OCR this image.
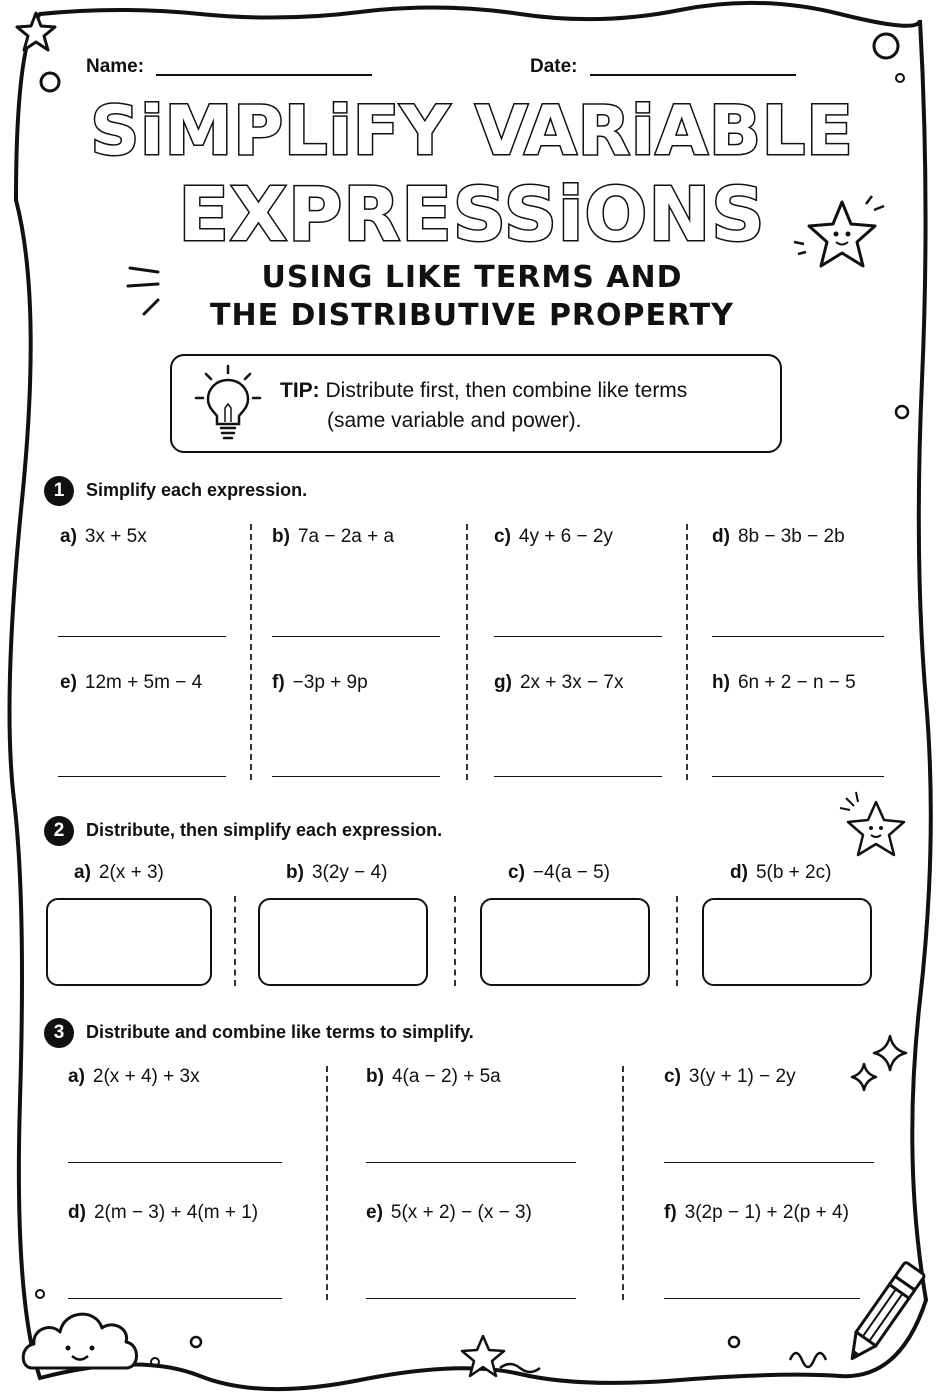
Name:	Date:
SiMPLiFY VARiABLE
EXPRESSiONS
USING LIKE TERMS AND
THE DISTRIBUTIVE PROPERTY
TIP: Distribute first, then combine like terms
(same variable and power).
1	Simplify each expression.
a) 3x + 5x	b) 7a − 2a + a	c) 4y + 6 − 2y	d) 8b − 3b − 2b
e) 12m + 5m − 4	f) −3p + 9p	g) 2x + 3x − 7x	h) 6n + 2 − n − 5
2	Distribute, then simplify each expression.
a) 2(x + 3)	b) 3(2y − 4)	c) −4(a − 5)	d) 5(b + 2c)
3	Distribute and combine like terms to simplify.
a) 2(x + 4) + 3x	b) 4(a − 2) + 5a	c) 3(y + 1) − 2y
d) 2(m − 3) + 4(m + 1)	e) 5(x + 2) − (x − 3)	f) 3(2p − 1) + 2(p + 4)
